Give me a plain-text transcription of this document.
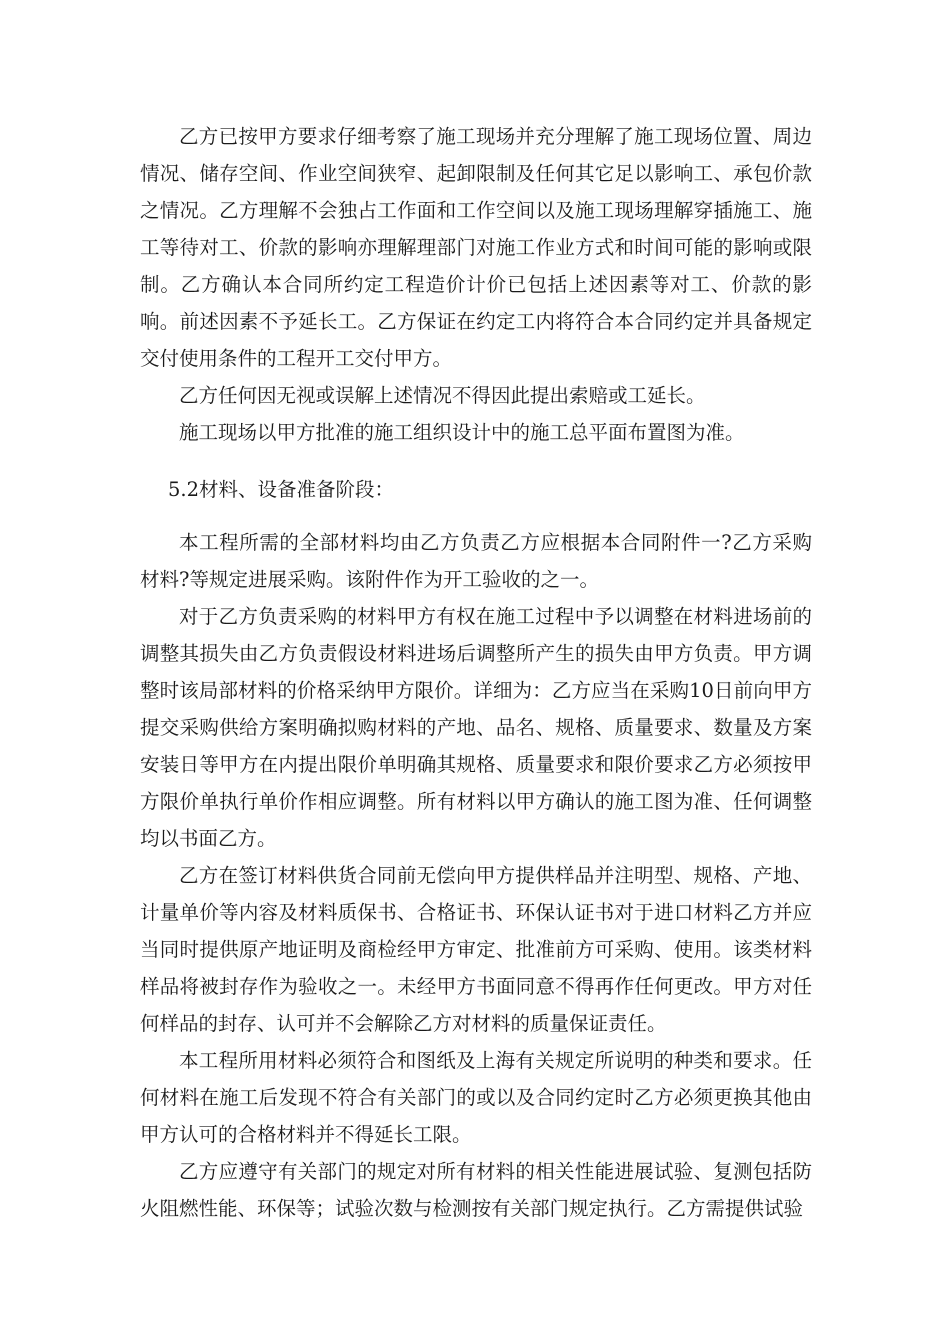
乙方已按甲方要求仔细考察了施工现场并充分理解了施工现场位置、周边情况、储存空间、作业空间狭窄、起卸限制及任何其它足以影响工、承包价款之情况。乙方理解不会独占工作面和工作空间以及施工现场理解穿插施工、施工等待对工、价款的影响亦理解理部门对施工作业方式和时间可能的影响或限制。乙方确认本合同所约定工程造价计价已包括上述因素等对工、价款的影响。前述因素不予延长工。乙方保证在约定工内将符合本合同约定并具备规定交付使用条件的工程开工交付甲方。

乙方任何因无视或误解上述情况不得因此提出索赔或工延长。

施工现场以甲方批准的施工组织设计中的施工总平面布置图为准。

5.2材料、设备准备阶段：

本工程所需的全部材料均由乙方负责乙方应根据本合同附件一?乙方采购材料?等规定进展采购。该附件作为开工验收的之一。

对于乙方负责采购的材料甲方有权在施工过程中予以调整在材料进场前的调整其损失由乙方负责假设材料进场后调整所产生的损失由甲方负责。甲方调整时该局部材料的价格采纳甲方限价。详细为：乙方应当在采购10日前向甲方提交采购供给方案明确拟购材料的产地、品名、规格、质量要求、数量及方案安装日等甲方在内提出限价单明确其规格、质量要求和限价要求乙方必须按甲方限价单执行单价作相应调整。所有材料以甲方确认的施工图为准、任何调整均以书面乙方。

乙方在签订材料供货合同前无偿向甲方提供样品并注明型、规格、产地、计量单价等内容及材料质保书、合格证书、环保认证书对于进口材料乙方并应当同时提供原产地证明及商检经甲方审定、批准前方可采购、使用。该类材料样品将被封存作为验收之一。未经甲方书面同意不得再作任何更改。甲方对任何样品的封存、认可并不会解除乙方对材料的质量保证责任。

本工程所用材料必须符合和图纸及上海有关规定所说明的种类和要求。任何材料在施工后发现不符合有关部门的或以及合同约定时乙方必须更换其他由甲方认可的合格材料并不得延长工限。

乙方应遵守有关部门的规定对所有材料的相关性能进展试验、复测包括防火阻燃性能、环保等；试验次数与检测按有关部门规定执行。乙方需提供试验
